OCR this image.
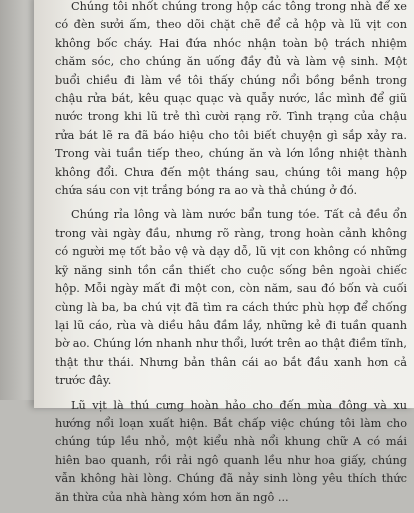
Chúng tôi nhốt chúng trong hộp các tông trong nhà để xe có đèn sưởi ấm, theo dõi chặt chẽ để cả hộp và lũ vịt con không bốc cháy. Hai đứa nhóc nhận toàn bộ trách nhiệm chăm sóc, cho chúng ăn uống đầy đủ và làm vệ sinh. Một buổi chiều đi làm về tôi thấy chúng nổi bồng bềnh trong chậu rửa bát, kêu quạc quạc và quẫy nước, lắc mình để giũ nước trong khi lũ trẻ thì cười rạng rỡ. Tình trạng của chậu rửa bát lẽ ra đã báo hiệu cho tôi biết chuyện gì sắp xảy ra. Trong vài tuần tiếp theo, chúng ăn và lớn lồng nhiệt thành không đổi. Chưa đến một tháng sau, chúng tôi mang hộp chứa sáu con vịt trắng bóng ra ao và thả chúng ở đó.

Chúng rỉa lông và làm nước bẩn tung tóe. Tất cả đều ổn trong vài ngày đầu, nhưng rõ ràng, trong hoàn cảnh không có người mẹ tốt bảo vệ và dạy dỗ, lũ vịt con không có những kỹ năng sinh tồn cần thiết cho cuộc sống bên ngoài chiếc hộp. Mỗi ngày mất đi một con, còn năm, sau đó bốn và cuối cùng là ba, ba chú vịt đã tìm ra cách thức phù hợp để chống lại lũ cáo, rùa và diều hâu đầm lầy, những kẻ đi tuần quanh bờ ao. Chúng lớn nhanh như thổi, lướt trên ao thật điềm tĩnh, thật thư thái. Nhưng bản thân cái ao bắt đầu xanh hơn cả trước đây.

Lũ vịt là thú cưng hoàn hảo cho đến mùa đông và xu hướng nổi loạn xuất hiện. Bắt chấp việc chúng tôi làm cho chúng túp lều nhỏ, một kiểu nhà nổi khung chữ A có mái hiên bao quanh, rồi rải ngô quanh lều như hoa giấy, chúng vẫn không hài lòng. Chúng đã nảy sinh lòng yêu thích thức ăn thừa của nhà hàng xóm hơn ăn ngô ...
